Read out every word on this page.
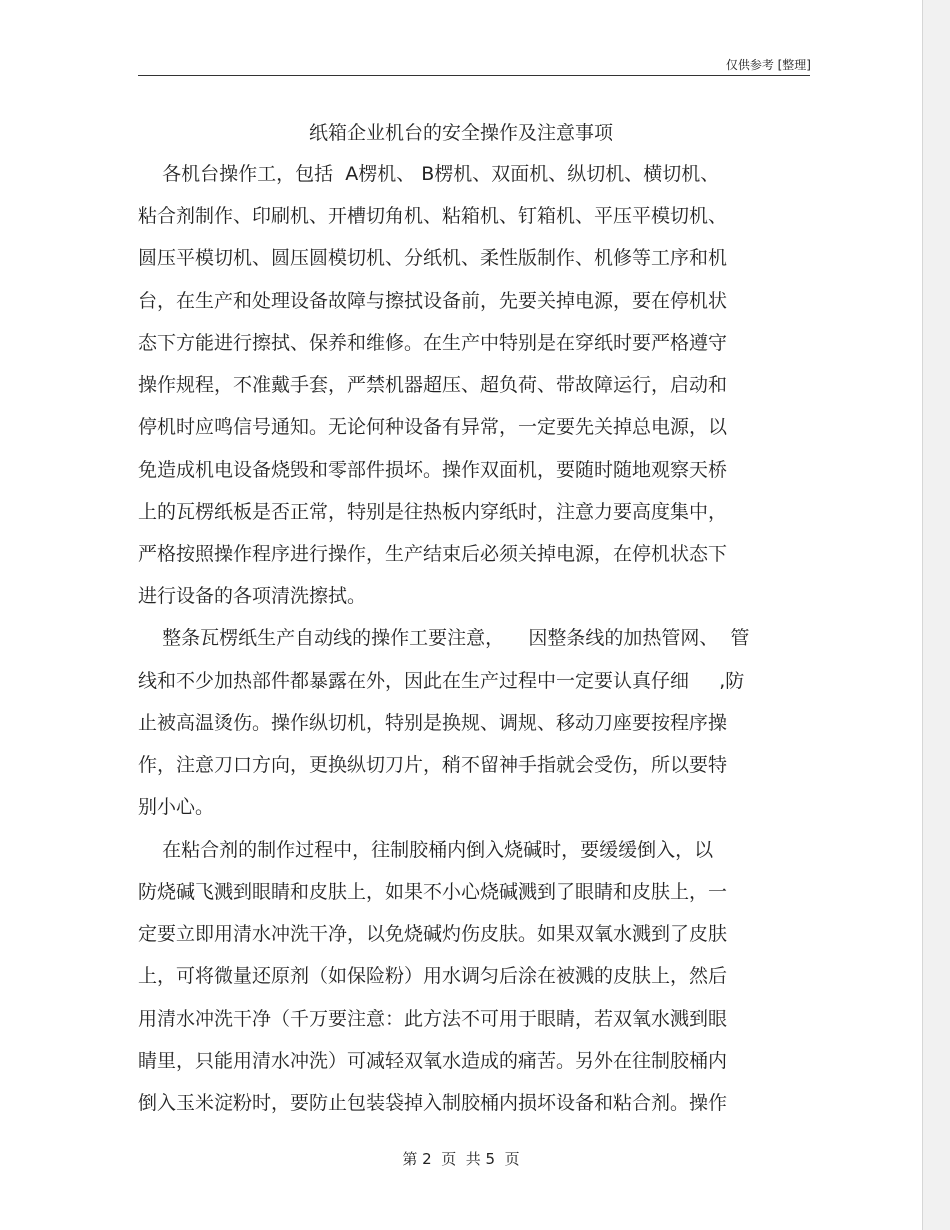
仅供参考 [整理]
纸箱企业机台的安全操作及注意事项
各机台操作工，包括  A楞机、 B楞机、双面机、纵切机、横切机、
粘合剂制作、印刷机、开槽切角机、粘箱机、钉箱机、平压平模切机、
圆压平模切机、圆压圆模切机、分纸机、柔性版制作、机修等工序和机
台，在生产和处理设备故障与擦拭设备前，先要关掉电源，要在停机状
态下方能进行擦拭、保养和维修。在生产中特别是在穿纸时要严格遵守
操作规程，不准戴手套，严禁机器超压、超负荷、带故障运行，启动和
停机时应鸣信号通知。无论何种设备有异常，一定要先关掉总电源，以
免造成机电设备烧毁和零部件损坏。操作双面机，要随时随地观察天桥
上的瓦楞纸板是否正常，特别是往热板内穿纸时，注意力要高度集中，
严格按照操作程序进行操作，生产结束后必须关掉电源，在停机状态下
进行设备的各项清洗擦拭。
整条瓦楞纸生产自动线的操作工要注意，    因整条线的加热管网、  管
线和不少加热部件都暴露在外，因此在生产过程中一定要认真仔细     ,防
止被高温烫伤。操作纵切机，特别是换规、调规、移动刀座要按程序操
作，注意刀口方向，更换纵切刀片，稍不留神手指就会受伤，所以要特
别小心。
在粘合剂的制作过程中，往制胶桶内倒入烧碱时，要缓缓倒入，以
防烧碱飞溅到眼睛和皮肤上，如果不小心烧碱溅到了眼睛和皮肤上，一
定要立即用清水冲洗干净，以免烧碱灼伤皮肤。如果双氧水溅到了皮肤
上，可将微量还原剂（如保险粉）用水调匀后涂在被溅的皮肤上，然后
用清水冲洗干净（千万要注意：此方法不可用于眼睛，若双氧水溅到眼
睛里，只能用清水冲洗）可减轻双氧水造成的痛苦。另外在往制胶桶内
倒入玉米淀粉时，要防止包装袋掉入制胶桶内损坏设备和粘合剂。操作
第 2  页  共 5  页
